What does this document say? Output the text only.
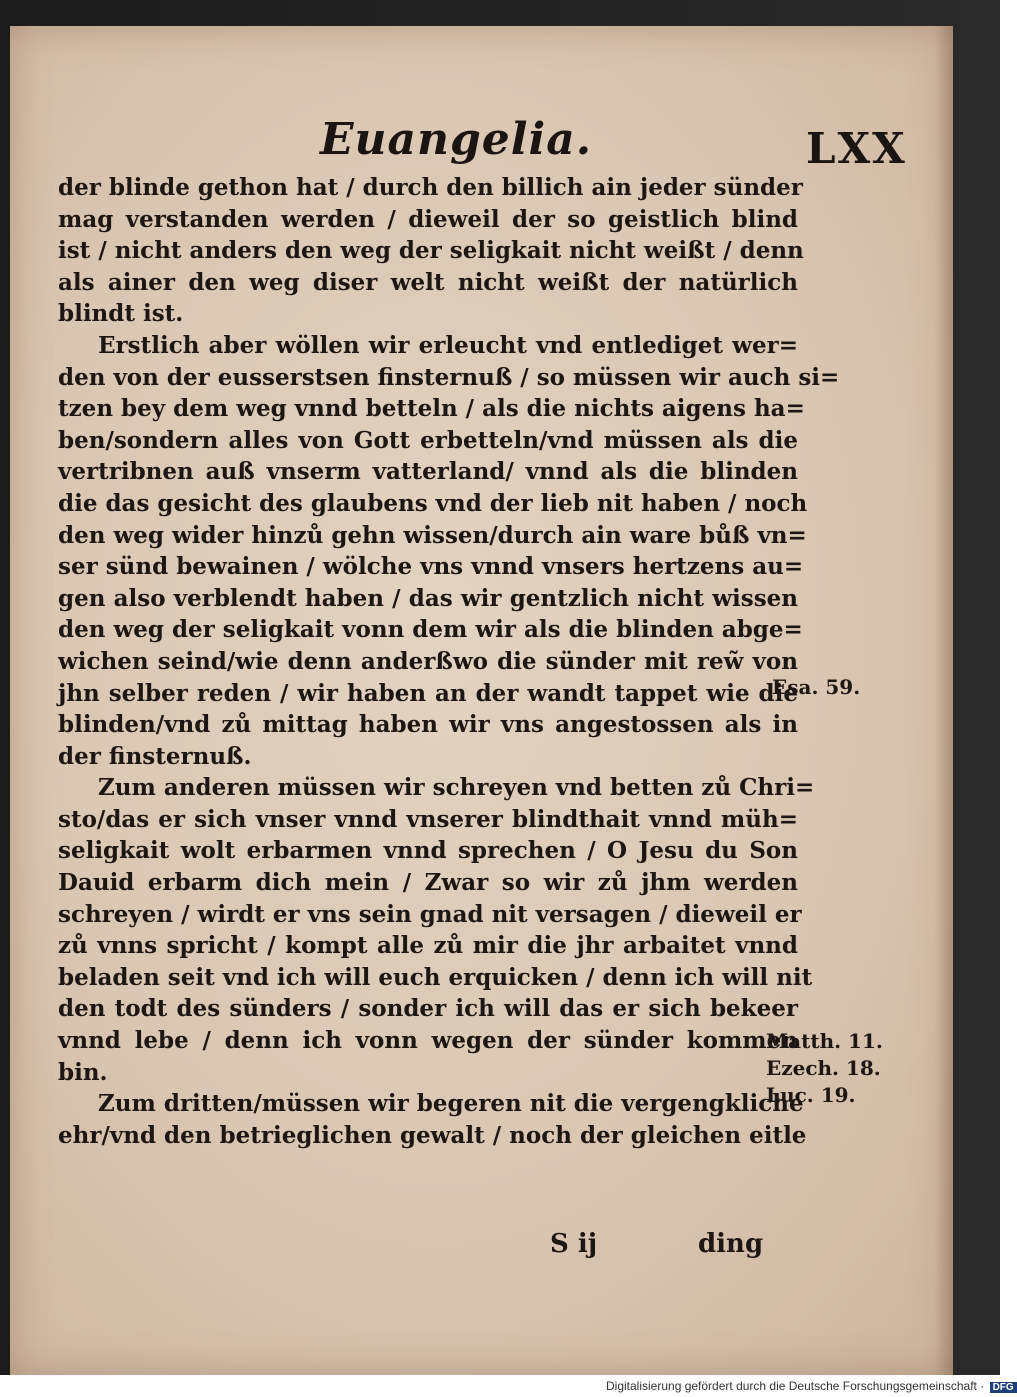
Euangelia.	LXX
der blinde gethon hat / durch den billich ain jeder sünder
mag verstanden werden / dieweil der so geistlich blind
ist / nicht anders den weg der seligkait nicht weißt / denn
als ainer den weg diser welt nicht weißt der natürlich
blindt ist.
Erstlich aber wöllen wir erleucht vnd entlediget wer=
den von der eusserstsen finsternuß / so müssen wir auch si=
tzen bey dem weg vnnd betteln / als die nichts aigens ha=
ben/sondern alles von Gott erbetteln/vnd müssen als die
vertribnen auß vnserm vatterland/ vnnd als die blinden
die das gesicht des glaubens vnd der lieb nit haben / noch
den weg wider hinzů gehn wissen/durch ain ware bůß vn=
ser sünd bewainen / wölche vns vnnd vnsers hertzens au=
gen also verblendt haben / das wir gentzlich nicht wissen
den weg der seligkait vonn dem wir als die blinden abge=
wichen seind/wie denn anderßwo die sünder mit rew̃ von
jhn selber reden / wir haben an der wandt tappet wie die
blinden/vnd zů mittag haben wir vns angestossen als in
der finsternuß.
Zum anderen müssen wir schreyen vnd betten zů Chri=
sto/das er sich vnser vnnd vnserer blindthait vnnd müh=
seligkait wolt erbarmen vnnd sprechen / O Jesu du Son
Dauid erbarm dich mein / Zwar so wir zů jhm werden
schreyen / wirdt er vns sein gnad nit versagen / dieweil er
zů vnns spricht / kompt alle zů mir die jhr arbaitet vnnd
beladen seit vnd ich will euch erquicken / denn ich will nit
den todt des sünders / sonder ich will das er sich bekeer
vnnd lebe / denn ich vonn wegen der sünder kommen
bin.
Zum dritten/müssen wir begeren nit die vergengkliche
ehr/vnd den betrieglichen gewalt / noch der gleichen eitle
Esa. 59.
Matth. 11.
Ezech. 18.
Luc. 19.
S ij	ding
Digitalisierung gefördert durch die Deutsche Forschungsgemeinschaft · DFG
